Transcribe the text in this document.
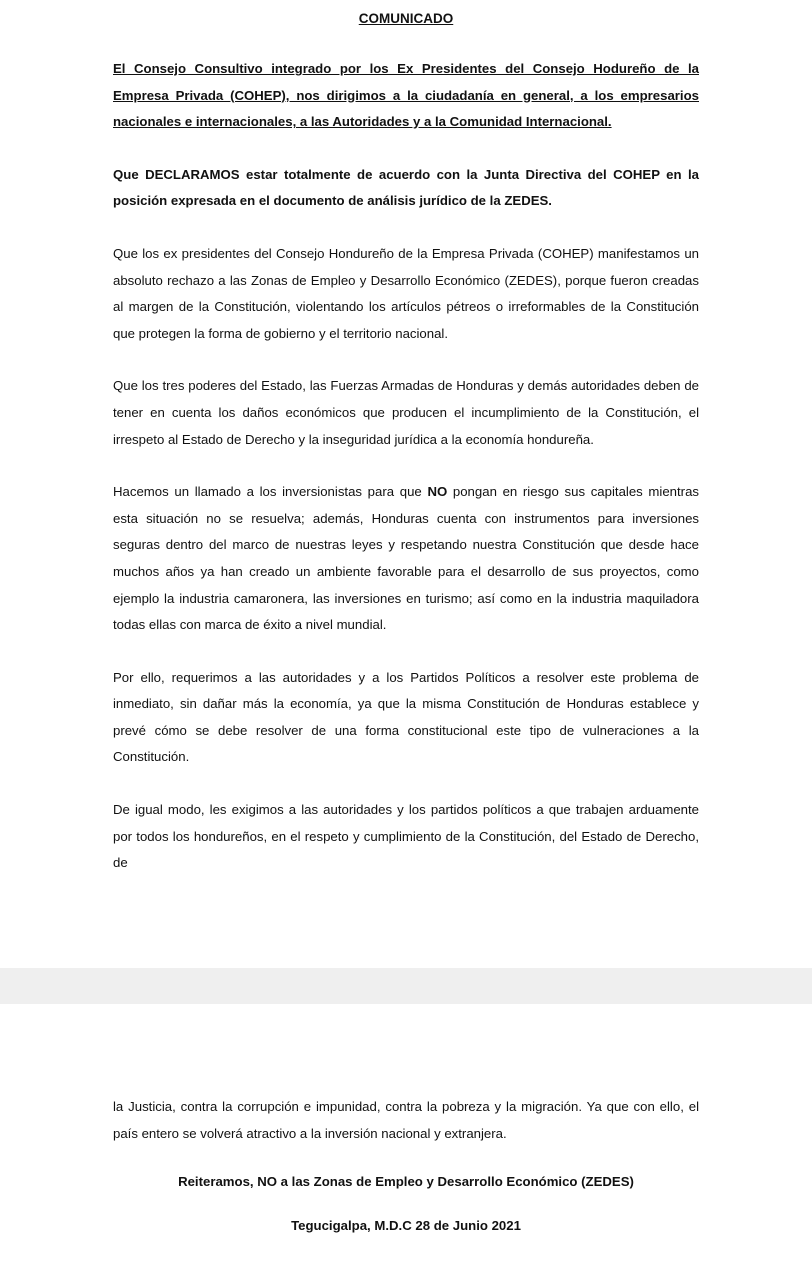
COMUNICADO

El Consejo Consultivo integrado por los Ex Presidentes del Consejo Hodureño de la Empresa Privada (COHEP), nos dirigimos a la ciudadanía en general, a los empresarios nacionales e internacionales, a las Autoridades y a la Comunidad Internacional.

Que DECLARAMOS estar totalmente de acuerdo con la Junta Directiva del COHEP en la posición expresada en el documento de análisis jurídico de la ZEDES.

Que los ex presidentes del Consejo Hondureño de la Empresa Privada (COHEP) manifestamos un absoluto rechazo a las Zonas de Empleo y Desarrollo Económico (ZEDES), porque fueron creadas al margen de la Constitución, violentando los artículos pétreos o irreformables de la Constitución que protegen la forma de gobierno y el territorio nacional.

Que los tres poderes del Estado, las Fuerzas Armadas de Honduras y demás autoridades deben de tener en cuenta los daños económicos que producen el incumplimiento de la Constitución, el irrespeto al Estado de Derecho y la inseguridad jurídica a la economía hondureña.

Hacemos un llamado a los inversionistas para que NO pongan en riesgo sus capitales mientras esta situación no se resuelva; además, Honduras cuenta con instrumentos para inversiones seguras dentro del marco de nuestras leyes y respetando nuestra Constitución que desde hace muchos años ya han creado un ambiente favorable para el desarrollo de sus proyectos, como ejemplo la industria camaronera, las inversiones en turismo; así como en la industria maquiladora todas ellas con marca de éxito a nivel mundial.

Por ello, requerimos a las autoridades y a los Partidos Políticos a resolver este problema de inmediato, sin dañar más la economía, ya que la misma Constitución de Honduras establece y prevé cómo se debe resolver de una forma constitucional este tipo de vulneraciones a la Constitución.

De igual modo, les exigimos a las autoridades y los partidos políticos a que trabajen arduamente por todos los hondureños, en el respeto y cumplimiento de la Constitución, del Estado de Derecho, de

la Justicia, contra la corrupción e impunidad, contra la pobreza y la migración. Ya que con ello, el país entero se volverá atractivo a la inversión nacional y extranjera.

Reiteramos, NO a las Zonas de Empleo y Desarrollo Económico (ZEDES)
Tegucigalpa, M.D.C 28 de Junio 2021
